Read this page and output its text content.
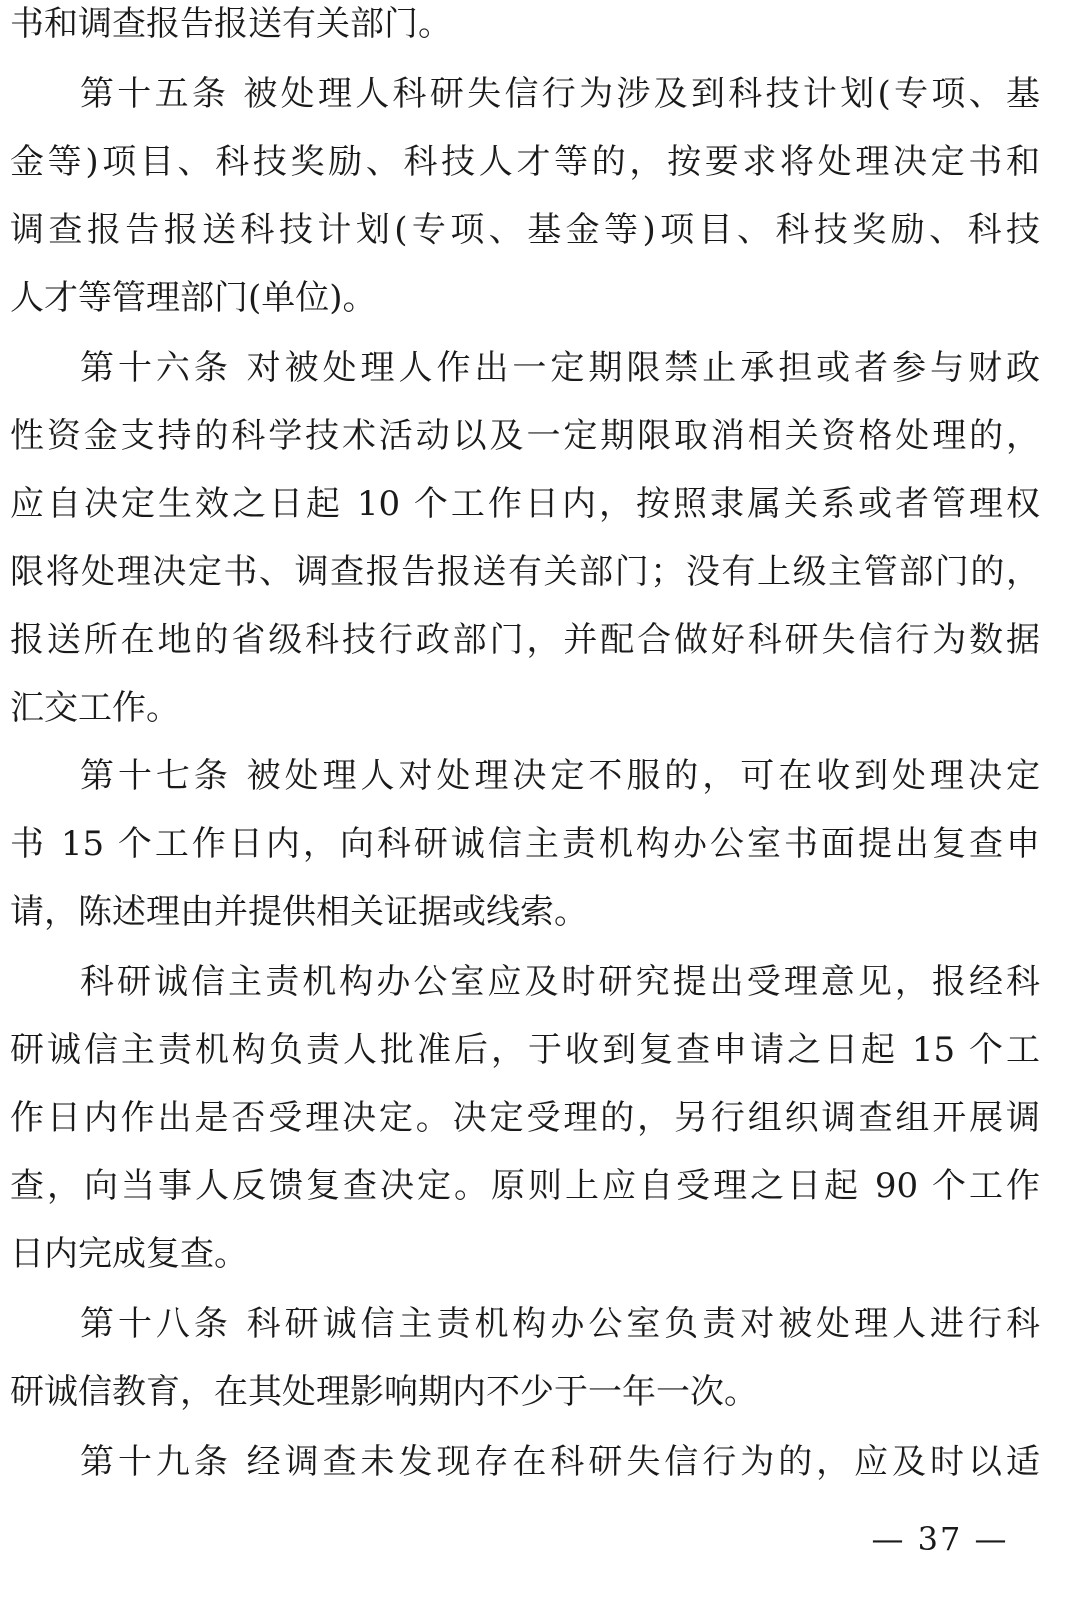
书和调查报告报送有关部门。
第十五条 被处理人科研失信行为涉及到科技计划(专项、基
金等)项目、科技奖励、科技人才等的，按要求将处理决定书和
调查报告报送科技计划(专项、基金等)项目、科技奖励、科技
人才等管理部门(单位)。
第十六条 对被处理人作出一定期限禁止承担或者参与财政
性资金支持的科学技术活动以及一定期限取消相关资格处理的，
应自决定生效之日起 10 个工作日内，按照隶属关系或者管理权
限将处理决定书、调查报告报送有关部门；没有上级主管部门的，
报送所在地的省级科技行政部门，并配合做好科研失信行为数据
汇交工作。
第十七条 被处理人对处理决定不服的，可在收到处理决定
书 15 个工作日内，向科研诚信主责机构办公室书面提出复查申
请，陈述理由并提供相关证据或线索。
科研诚信主责机构办公室应及时研究提出受理意见，报经科
研诚信主责机构负责人批准后，于收到复查申请之日起 15 个工
作日内作出是否受理决定。决定受理的，另行组织调查组开展调
查，向当事人反馈复查决定。原则上应自受理之日起 90 个工作
日内完成复查。
第十八条 科研诚信主责机构办公室负责对被处理人进行科
研诚信教育，在其处理影响期内不少于一年一次。
第十九条 经调查未发现存在科研失信行为的，应及时以适
— 37 —
